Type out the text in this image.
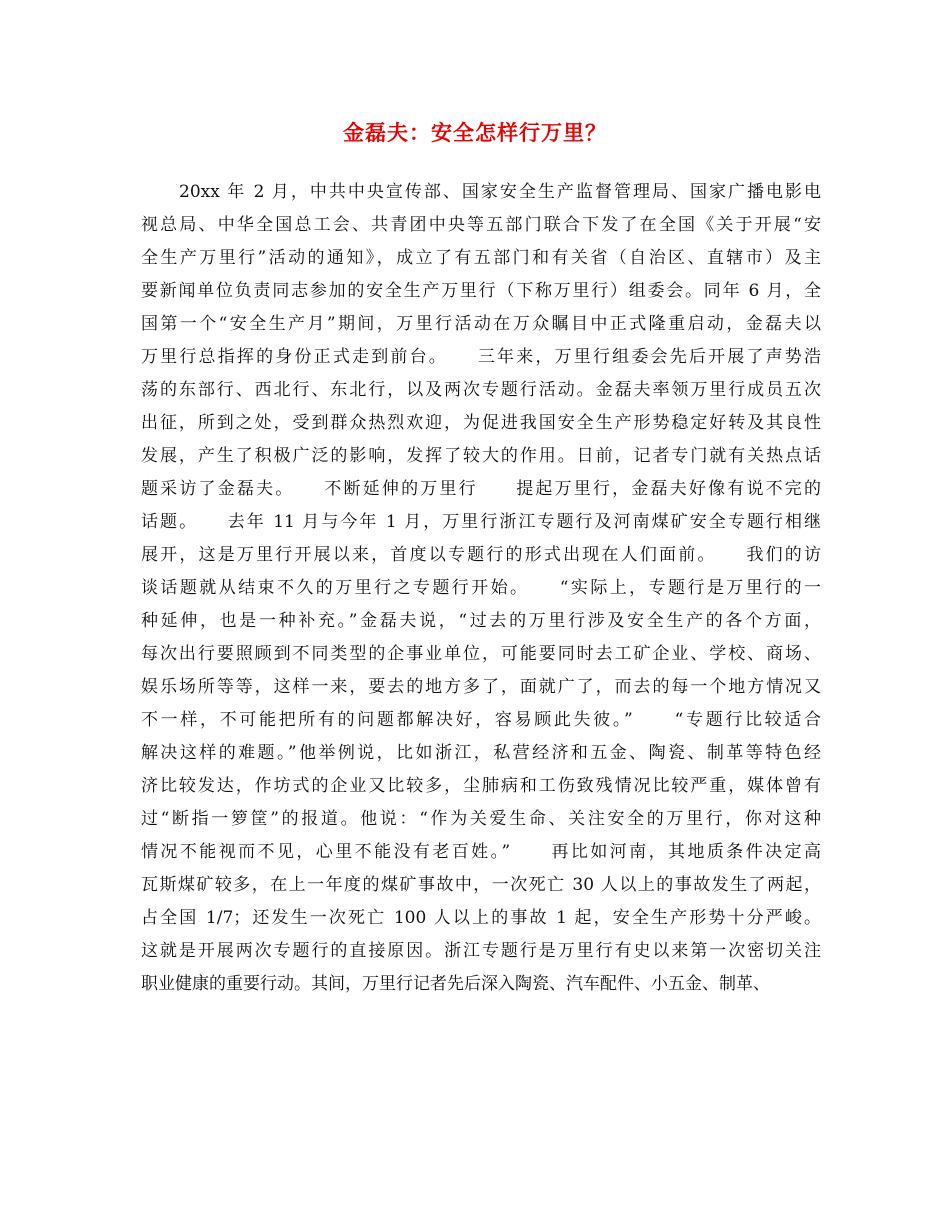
金磊夫：安全怎样行万里？
　　20xx 年 2 月，中共中央宣传部、国家安全生产监督管理局、国家广播电影电
视总局、中华全国总工会、共青团中央等五部门联合下发了在全国《关于开展“安
全生产万里行”活动的通知》，成立了有五部门和有关省（自治区、直辖市）及主
要新闻单位负责同志参加的安全生产万里行（下称万里行）组委会。同年 6 月，全
国第一个“安全生产月”期间，万里行活动在万众瞩目中正式隆重启动，金磊夫以
万里行总指挥的身份正式走到前台。　　三年来，万里行组委会先后开展了声势浩
荡的东部行、西北行、东北行，以及两次专题行活动。金磊夫率领万里行成员五次
出征，所到之处，受到群众热烈欢迎，为促进我国安全生产形势稳定好转及其良性
发展，产生了积极广泛的影响，发挥了较大的作用。日前，记者专门就有关热点话
题采访了金磊夫。　　不断延伸的万里行　　提起万里行，金磊夫好像有说不完的
话题。　　去年 11 月与今年 1 月，万里行浙江专题行及河南煤矿安全专题行相继
展开，这是万里行开展以来，首度以专题行的形式出现在人们面前。　　我们的访
谈话题就从结束不久的万里行之专题行开始。　　“实际上，专题行是万里行的一
种延伸，也是一种补充。”金磊夫说，“过去的万里行涉及安全生产的各个方面，
每次出行要照顾到不同类型的企事业单位，可能要同时去工矿企业、学校、商场、
娱乐场所等等，这样一来，要去的地方多了，面就广了，而去的每一个地方情况又
不一样，不可能把所有的问题都解决好，容易顾此失彼。”　　“专题行比较适合
解决这样的难题。”他举例说，比如浙江，私营经济和五金、陶瓷、制革等特色经
济比较发达，作坊式的企业又比较多，尘肺病和工伤致残情况比较严重，媒体曾有
过“断指一箩筐”的报道。他说：“作为关爱生命、关注安全的万里行，你对这种
情况不能视而不见，心里不能没有老百姓。”　　再比如河南，其地质条件决定高
瓦斯煤矿较多，在上一年度的煤矿事故中，一次死亡 30 人以上的事故发生了两起，
占全国 1/7；还发生一次死亡 100 人以上的事故 1 起，安全生产形势十分严峻。
这就是开展两次专题行的直接原因。浙江专题行是万里行有史以来第一次密切关注
职业健康的重要行动。其间，万里行记者先后深入陶瓷、汽车配件、小五金、制革、
